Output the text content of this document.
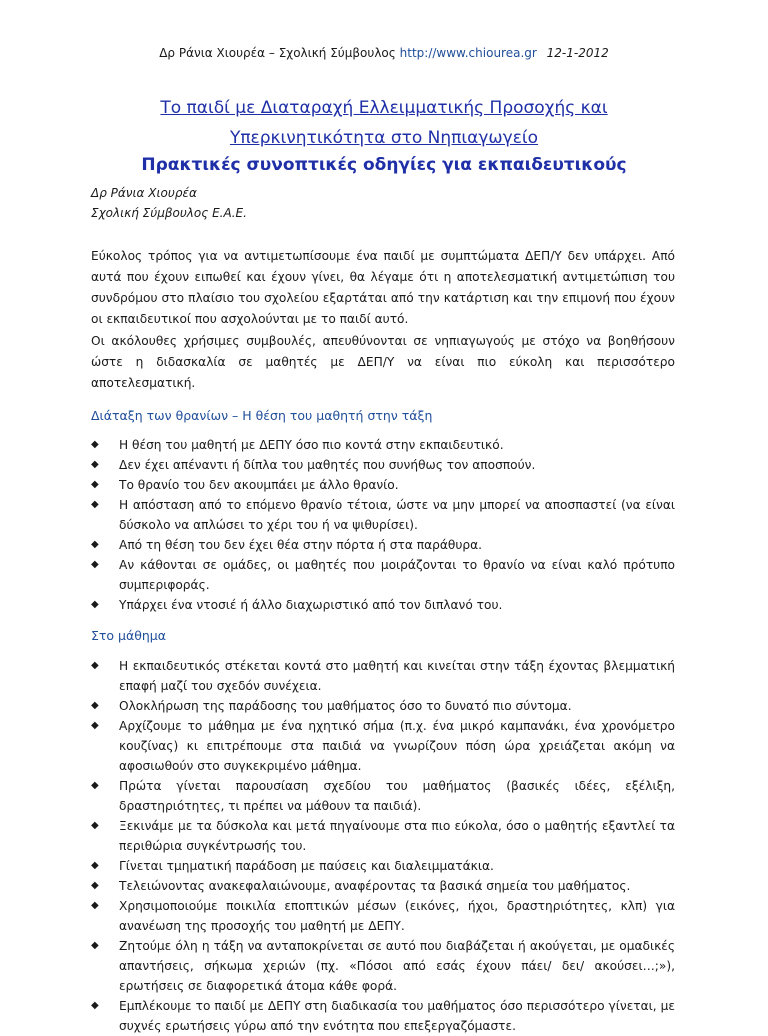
Δρ Ράνια Χιουρέα – Σχολική Σύμβουλος http://www.chiourea.gr 12-1-2012
Το παιδί με Διαταραχή Ελλειμματικής Προσοχής και
Υπερκινητικότητα στο Νηπιαγωγείο
Πρακτικές συνοπτικές οδηγίες για εκπαιδευτικούς
Δρ Ράνια Χιουρέα
Σχολική Σύμβουλος Ε.Α.Ε.
Εύκολος τρόπος για να αντιμετωπίσουμε ένα παιδί με συμπτώματα ΔΕΠ/Υ δεν υπάρχει. Από αυτά που έχουν ειπωθεί και έχουν γίνει, θα λέγαμε ότι η αποτελεσματική αντιμετώπιση του συνδρόμου στο πλαίσιο του σχολείου εξαρτάται από την κατάρτιση και την επιμονή που έχουν οι εκπαιδευτικοί που ασχολούνται με το παιδί αυτό.
Οι ακόλουθες χρήσιμες συμβουλές, απευθύνονται σε νηπιαγωγούς με στόχο να βοηθήσουν ώστε η διδασκαλία σε μαθητές με ΔΕΠ/Υ να είναι πιο εύκολη και περισσότερο αποτελεσματική.
Διάταξη των θρανίων – Η θέση του μαθητή στην τάξη
◆ Η θέση του μαθητή με ΔΕΠΥ όσο πιο κοντά στην εκπαιδευτικό.
◆ Δεν έχει απέναντι ή δίπλα του μαθητές που συνήθως τον αποσπούν.
◆ Το θρανίο του δεν ακουμπάει με άλλο θρανίο.
◆ Η απόσταση από το επόμενο θρανίο τέτοια, ώστε να μην μπορεί να αποσπαστεί (να είναι δύσκολο να απλώσει το χέρι του ή να ψιθυρίσει).
◆ Από τη θέση του δεν έχει θέα στην πόρτα ή στα παράθυρα.
◆ Αν κάθονται σε ομάδες, οι μαθητές που μοιράζονται το θρανίο να είναι καλό πρότυπο συμπεριφοράς.
◆ Υπάρχει ένα ντοσιέ ή άλλο διαχωριστικό από τον διπλανό του.
Στο μάθημα
◆ Η εκπαιδευτικός στέκεται κοντά στο μαθητή και κινείται στην τάξη έχοντας βλεμματική επαφή μαζί του σχεδόν συνέχεια.
◆ Ολοκλήρωση της παράδοσης του μαθήματος όσο το δυνατό πιο σύντομα.
◆ Αρχίζουμε το μάθημα με ένα ηχητικό σήμα (π.χ. ένα μικρό καμπανάκι, ένα χρονόμετρο κουζίνας) κι επιτρέπουμε στα παιδιά να γνωρίζουν πόση ώρα χρειάζεται ακόμη να αφοσιωθούν στο συγκεκριμένο μάθημα.
◆ Πρώτα γίνεται παρουσίαση σχεδίου του μαθήματος (βασικές ιδέες, εξέλιξη, δραστηριότητες, τι πρέπει να μάθουν τα παιδιά).
◆ Ξεκινάμε με τα δύσκολα και μετά πηγαίνουμε στα πιο εύκολα, όσο ο μαθητής εξαντλεί τα περιθώρια συγκέντρωσής του.
◆ Γίνεται τμηματική παράδοση με παύσεις και διαλειμματάκια.
◆ Τελειώνοντας ανακεφαλαιώνουμε, αναφέροντας τα βασικά σημεία του μαθήματος.
◆ Χρησιμοποιούμε ποικιλία εποπτικών μέσων (εικόνες, ήχοι, δραστηριότητες, κλπ) για ανανέωση της προσοχής του μαθητή με ΔΕΠΥ.
◆ Ζητούμε όλη η τάξη να ανταποκρίνεται σε αυτό που διαβάζεται ή ακούγεται, με ομαδικές απαντήσεις, σήκωμα χεριών (πχ. «Πόσοι από εσάς έχουν πάει/ δει/ ακούσει…;»), ερωτήσεις σε διαφορετικά άτομα κάθε φορά.
◆ Εμπλέκουμε το παιδί με ΔΕΠΥ στη διαδικασία του μαθήματος όσο περισσότερο γίνεται, με συχνές ερωτήσεις γύρω από την ενότητα που επεξεργαζόμαστε.
